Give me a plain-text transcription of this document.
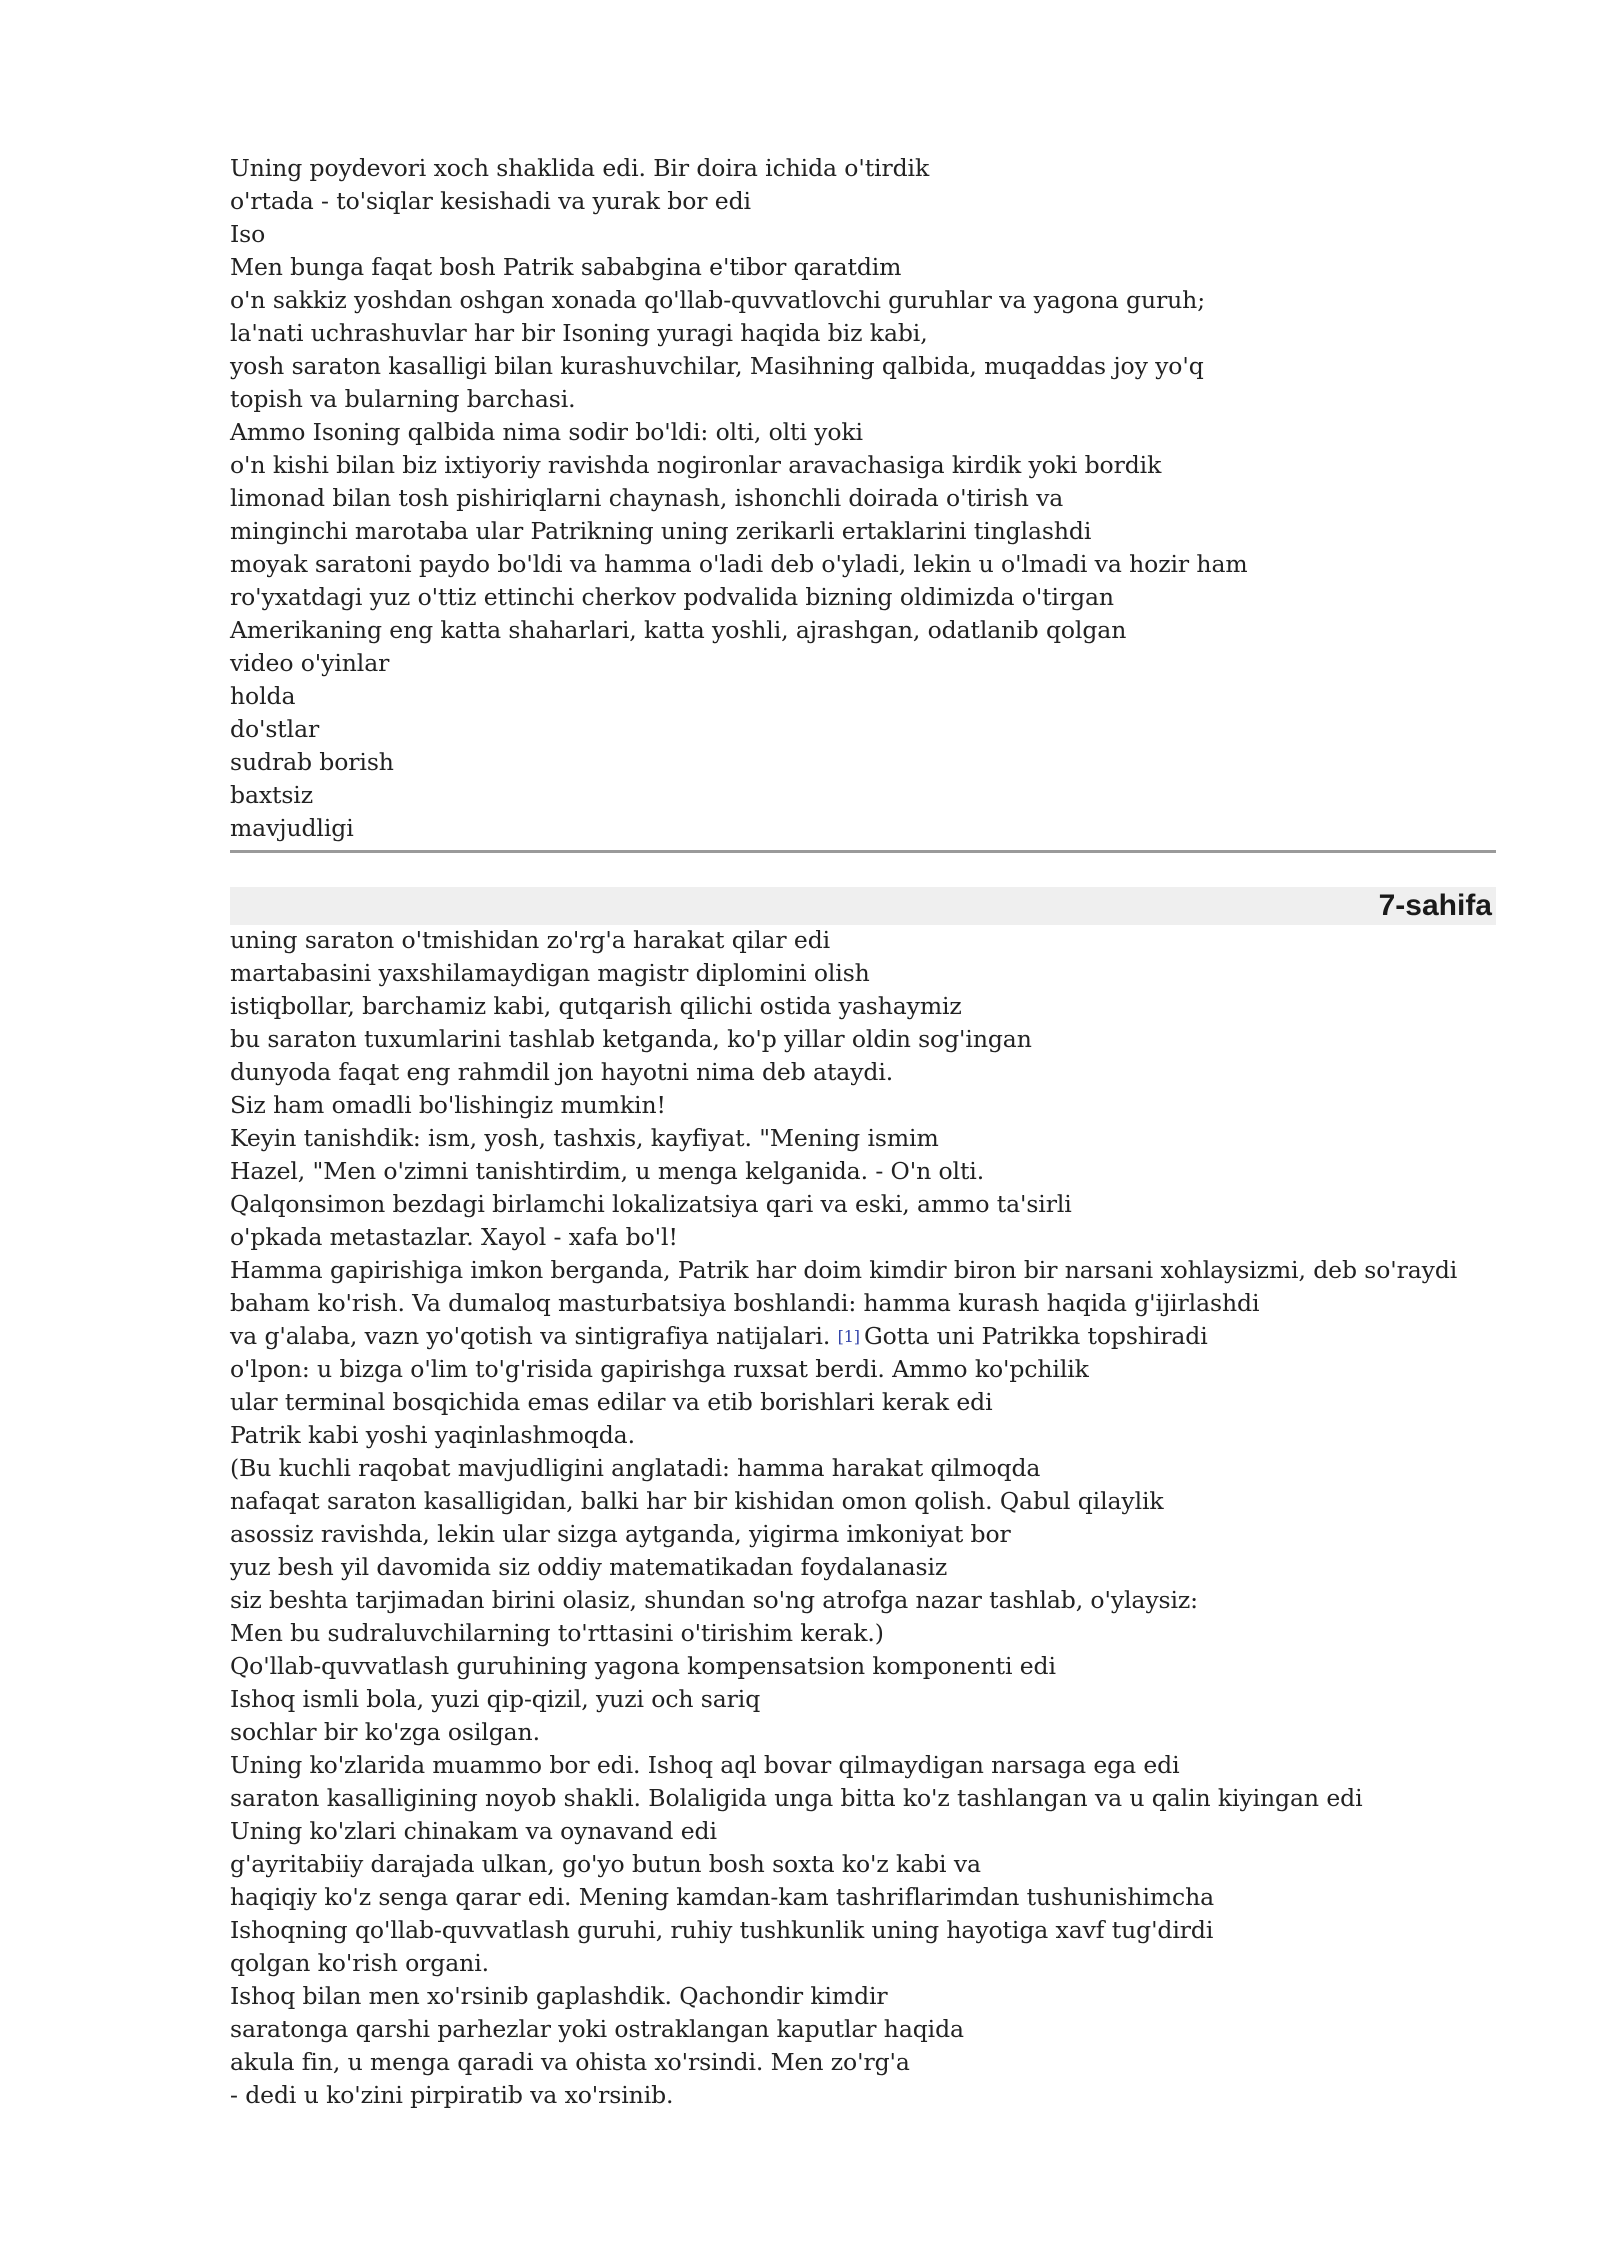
Uning poydevori xoch shaklida edi. Bir doira ichida o'tirdik
o'rtada - to'siqlar kesishadi va yurak bor edi
Iso
Men bunga faqat bosh Patrik sababgina e'tibor qaratdim
o'n sakkiz yoshdan oshgan xonada qo'llab-quvvatlovchi guruhlar va yagona guruh;
la'nati uchrashuvlar har bir Isoning yuragi haqida biz kabi,
yosh saraton kasalligi bilan kurashuvchilar, Masihning qalbida, muqaddas joy yo'q
topish va bularning barchasi.
Ammo Isoning qalbida nima sodir bo'ldi: olti, olti yoki
o'n kishi bilan biz ixtiyoriy ravishda nogironlar aravachasiga kirdik yoki bordik
limonad bilan tosh pishiriqlarni chaynash, ishonchli doirada o'tirish va
minginchi marotaba ular Patrikning uning zerikarli ertaklarini tinglashdi
moyak saratoni paydo bo'ldi va hamma o'ladi deb o'yladi, lekin u o'lmadi va hozir ham
ro'yxatdagi yuz o'ttiz ettinchi cherkov podvalida bizning oldimizda o'tirgan
Amerikaning eng katta shaharlari, katta yoshli, ajrashgan, odatlanib qolgan
video o'yinlar
holda
do'stlar
sudrab borish
baxtsiz
mavjudligi
7-sahifa
uning saraton o'tmishidan zo'rg'a harakat qilar edi
martabasini yaxshilamaydigan magistr diplomini olish
istiqbollar, barchamiz kabi, qutqarish qilichi ostida yashaymiz
bu saraton tuxumlarini tashlab ketganda, ko'p yillar oldin sog'ingan
dunyoda faqat eng rahmdil jon hayotni nima deb ataydi.
Siz ham omadli bo'lishingiz mumkin!
Keyin tanishdik: ism, yosh, tashxis, kayfiyat. "Mening ismim
Hazel, "Men o'zimni tanishtirdim, u menga kelganida. - O'n olti.
Qalqonsimon bezdagi birlamchi lokalizatsiya qari va eski, ammo ta'sirli
o'pkada metastazlar. Xayol - xafa bo'l!
Hamma gapirishiga imkon berganda, Patrik har doim kimdir biron bir narsani xohlaysizmi, deb so'raydi
baham ko'rish. Va dumaloq masturbatsiya boshlandi: hamma kurash haqida g'ijirlashdi
va g'alaba, vazn yo'qotish va sintigrafiya natijalari. [1] Gotta uni Patrikka topshiradi
o'lpon: u bizga o'lim to'g'risida gapirishga ruxsat berdi. Ammo ko'pchilik
ular terminal bosqichida emas edilar va etib borishlari kerak edi
Patrik kabi yoshi yaqinlashmoqda.
(Bu kuchli raqobat mavjudligini anglatadi: hamma harakat qilmoqda
nafaqat saraton kasalligidan, balki har bir kishidan omon qolish. Qabul qilaylik
asossiz ravishda, lekin ular sizga aytganda, yigirma imkoniyat bor
yuz besh yil davomida siz oddiy matematikadan foydalanasiz
siz beshta tarjimadan birini olasiz, shundan so'ng atrofga nazar tashlab, o'ylaysiz:
Men bu sudraluvchilarning to'rttasini o'tirishim kerak.)
Qo'llab-quvvatlash guruhining yagona kompensatsion komponenti edi
Ishoq ismli bola, yuzi qip-qizil, yuzi och sariq
sochlar bir ko'zga osilgan.
Uning ko'zlarida muammo bor edi. Ishoq aql bovar qilmaydigan narsaga ega edi
saraton kasalligining noyob shakli. Bolaligida unga bitta ko'z tashlangan va u qalin kiyingan edi
Uning ko'zlari chinakam va oynavand edi
g'ayritabiiy darajada ulkan, go'yo butun bosh soxta ko'z kabi va
haqiqiy ko'z senga qarar edi. Mening kamdan-kam tashriflarimdan tushunishimcha
Ishoqning qo'llab-quvvatlash guruhi, ruhiy tushkunlik uning hayotiga xavf tug'dirdi
qolgan ko'rish organi.
Ishoq bilan men xo'rsinib gaplashdik. Qachondir kimdir
saratonga qarshi parhezlar yoki ostraklangan kaputlar haqida
akula fin, u menga qaradi va ohista xo'rsindi. Men zo'rg'a
- dedi u ko'zini pirpiratib va xo'rsinib.
